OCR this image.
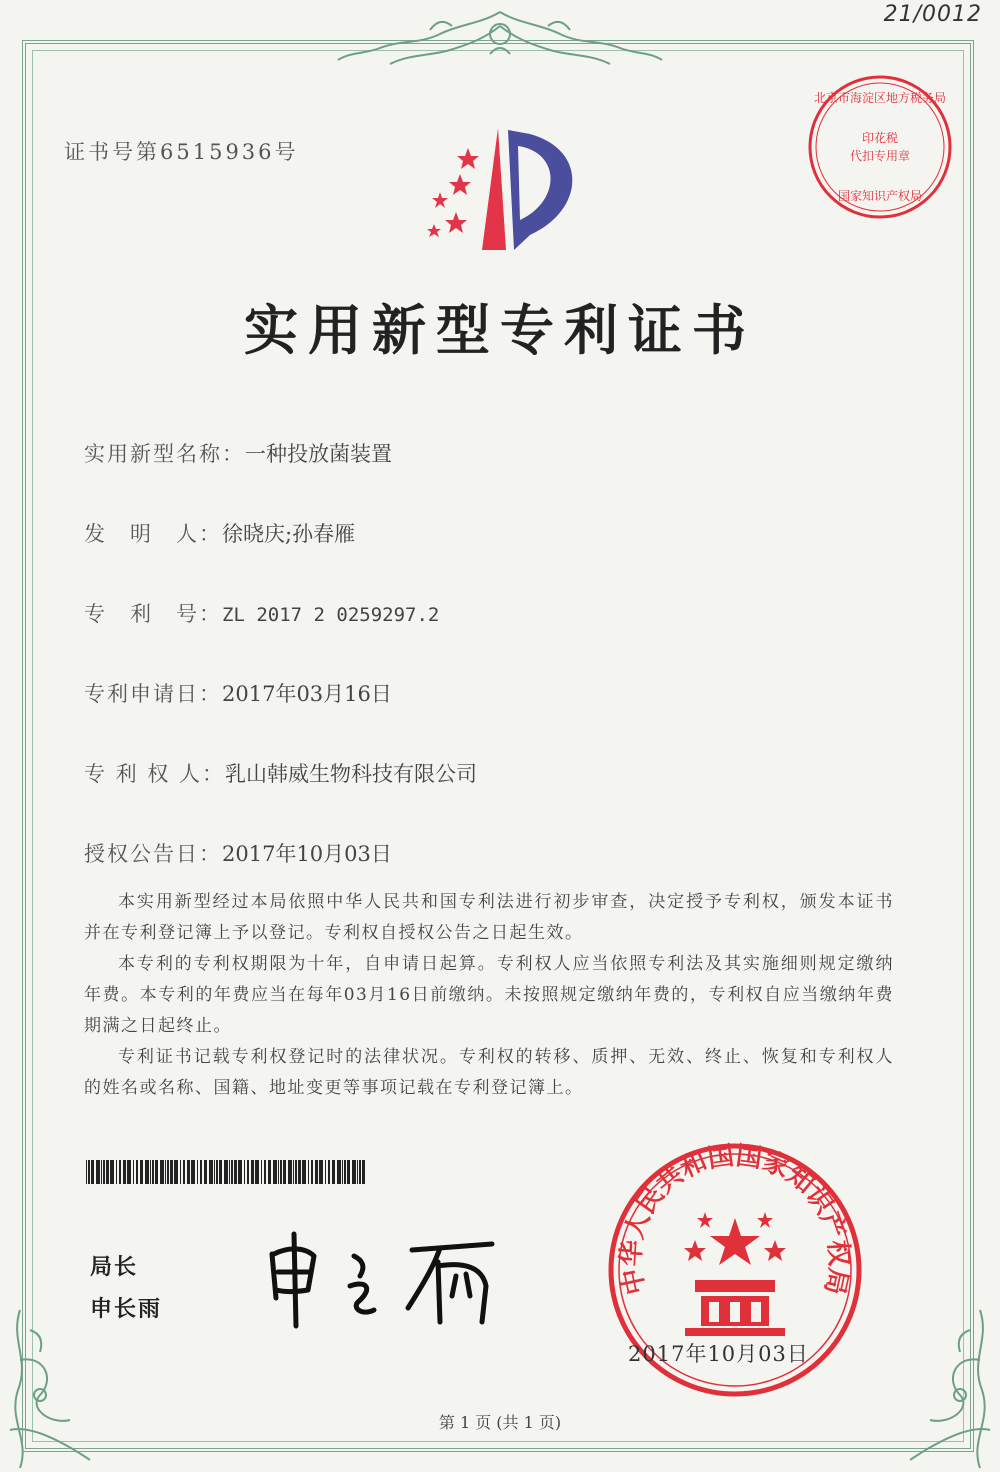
21/0012
证书号第6515936号
北京市海淀区地方税务局
印花税
代扣专用章
国家知识产权局
实用新型专利证书
实用新型名称：一种投放菌装置
发　明　人：徐晓庆;孙春雁
专　利　号：ZL 2017 2 0259297.2
专利申请日：2017年03月16日
专 利 权 人：乳山韩威生物科技有限公司
授权公告日：2017年10月03日

本实用新型经过本局依照中华人民共和国专利法进行初步审查，决定授予专利权，颁发本证书并在专利登记簿上予以登记。专利权自授权公告之日起生效。

本专利的专利权期限为十年，自申请日起算。专利权人应当依照专利法及其实施细则规定缴纳年费。本专利的年费应当在每年03月16日前缴纳。未按照规定缴纳年费的，专利权自应当缴纳年费期满之日起终止。

专利证书记载专利权登记时的法律状况。专利权的转移、质押、无效、终止、恢复和专利权人的姓名或名称、国籍、地址变更等事项记载在专利登记簿上。

局长
申长雨
中华人民共和国国家知识产权局
2017年10月03日
第 1 页 (共 1 页)
